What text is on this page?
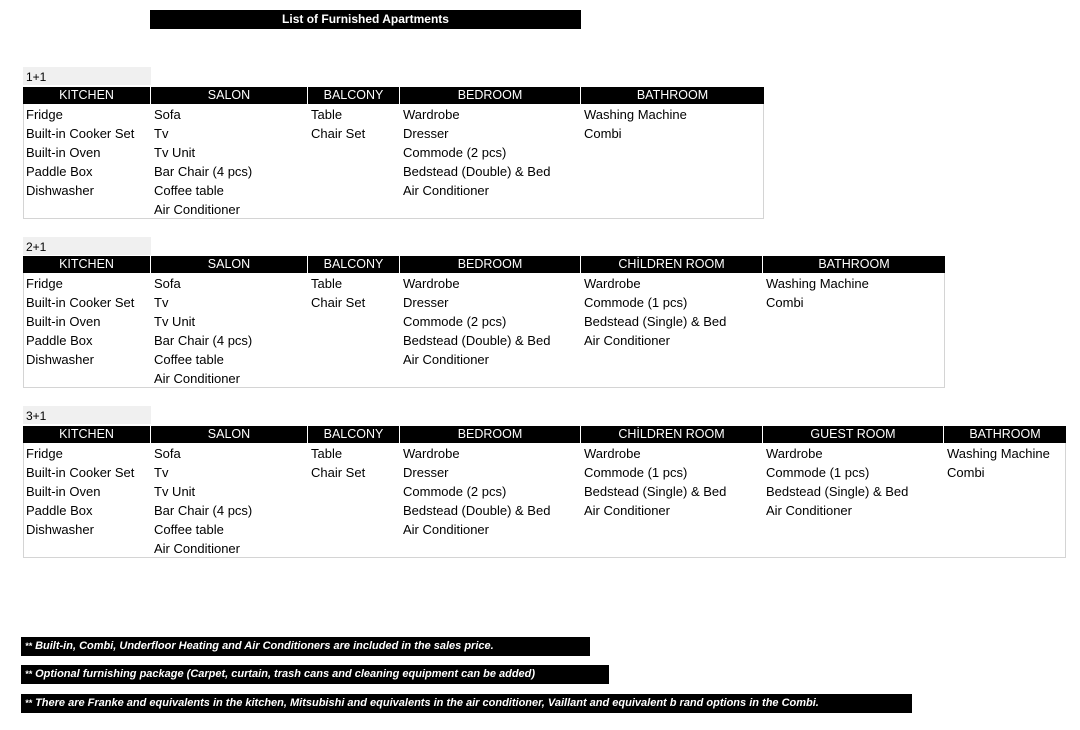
List of Furnished Apartments
1+1
KITCHEN
Fridge
Built-in Cooker Set
Built-in Oven
Paddle Box
Dishwasher
SALON
Sofa
Tv
Tv Unit
Bar Chair (4 pcs)
Coffee table
Air Conditioner
BALCONY
Table
Chair Set
BEDROOM
Wardrobe
Dresser
Commode (2 pcs)
Bedstead (Double) & Bed
Air Conditioner
BATHROOM
Washing Machine
Combi
2+1
KITCHEN
Fridge
Built-in Cooker Set
Built-in Oven
Paddle Box
Dishwasher
SALON
Sofa
Tv
Tv Unit
Bar Chair (4 pcs)
Coffee table
Air Conditioner
BALCONY
Table
Chair Set
BEDROOM
Wardrobe
Dresser
Commode (2 pcs)
Bedstead (Double) & Bed
Air Conditioner
CHİLDREN ROOM
Wardrobe
Commode (1 pcs)
Bedstead (Single) & Bed
Air Conditioner
BATHROOM
Washing Machine
Combi
3+1
KITCHEN
Fridge
Built-in Cooker Set
Built-in Oven
Paddle Box
Dishwasher
SALON
Sofa
Tv
Tv Unit
Bar Chair (4 pcs)
Coffee table
Air Conditioner
BALCONY
Table
Chair Set
BEDROOM
Wardrobe
Dresser
Commode (2 pcs)
Bedstead (Double) & Bed
Air Conditioner
CHİLDREN ROOM
Wardrobe
Commode (1 pcs)
Bedstead (Single) & Bed
Air Conditioner
GUEST ROOM
Wardrobe
Commode (1 pcs)
Bedstead (Single) & Bed
Air Conditioner
BATHROOM
Washing Machine
Combi
** Built-in, Combi, Underfloor Heating and Air Conditioners are included in the sales price.
** Optional furnishing package (Carpet, curtain, trash cans and cleaning equipment can be added)
** There are Franke and equivalents in the kitchen, Mitsubishi and equivalents in the air conditioner, Vaillant and equivalent b rand options in the Combi.
